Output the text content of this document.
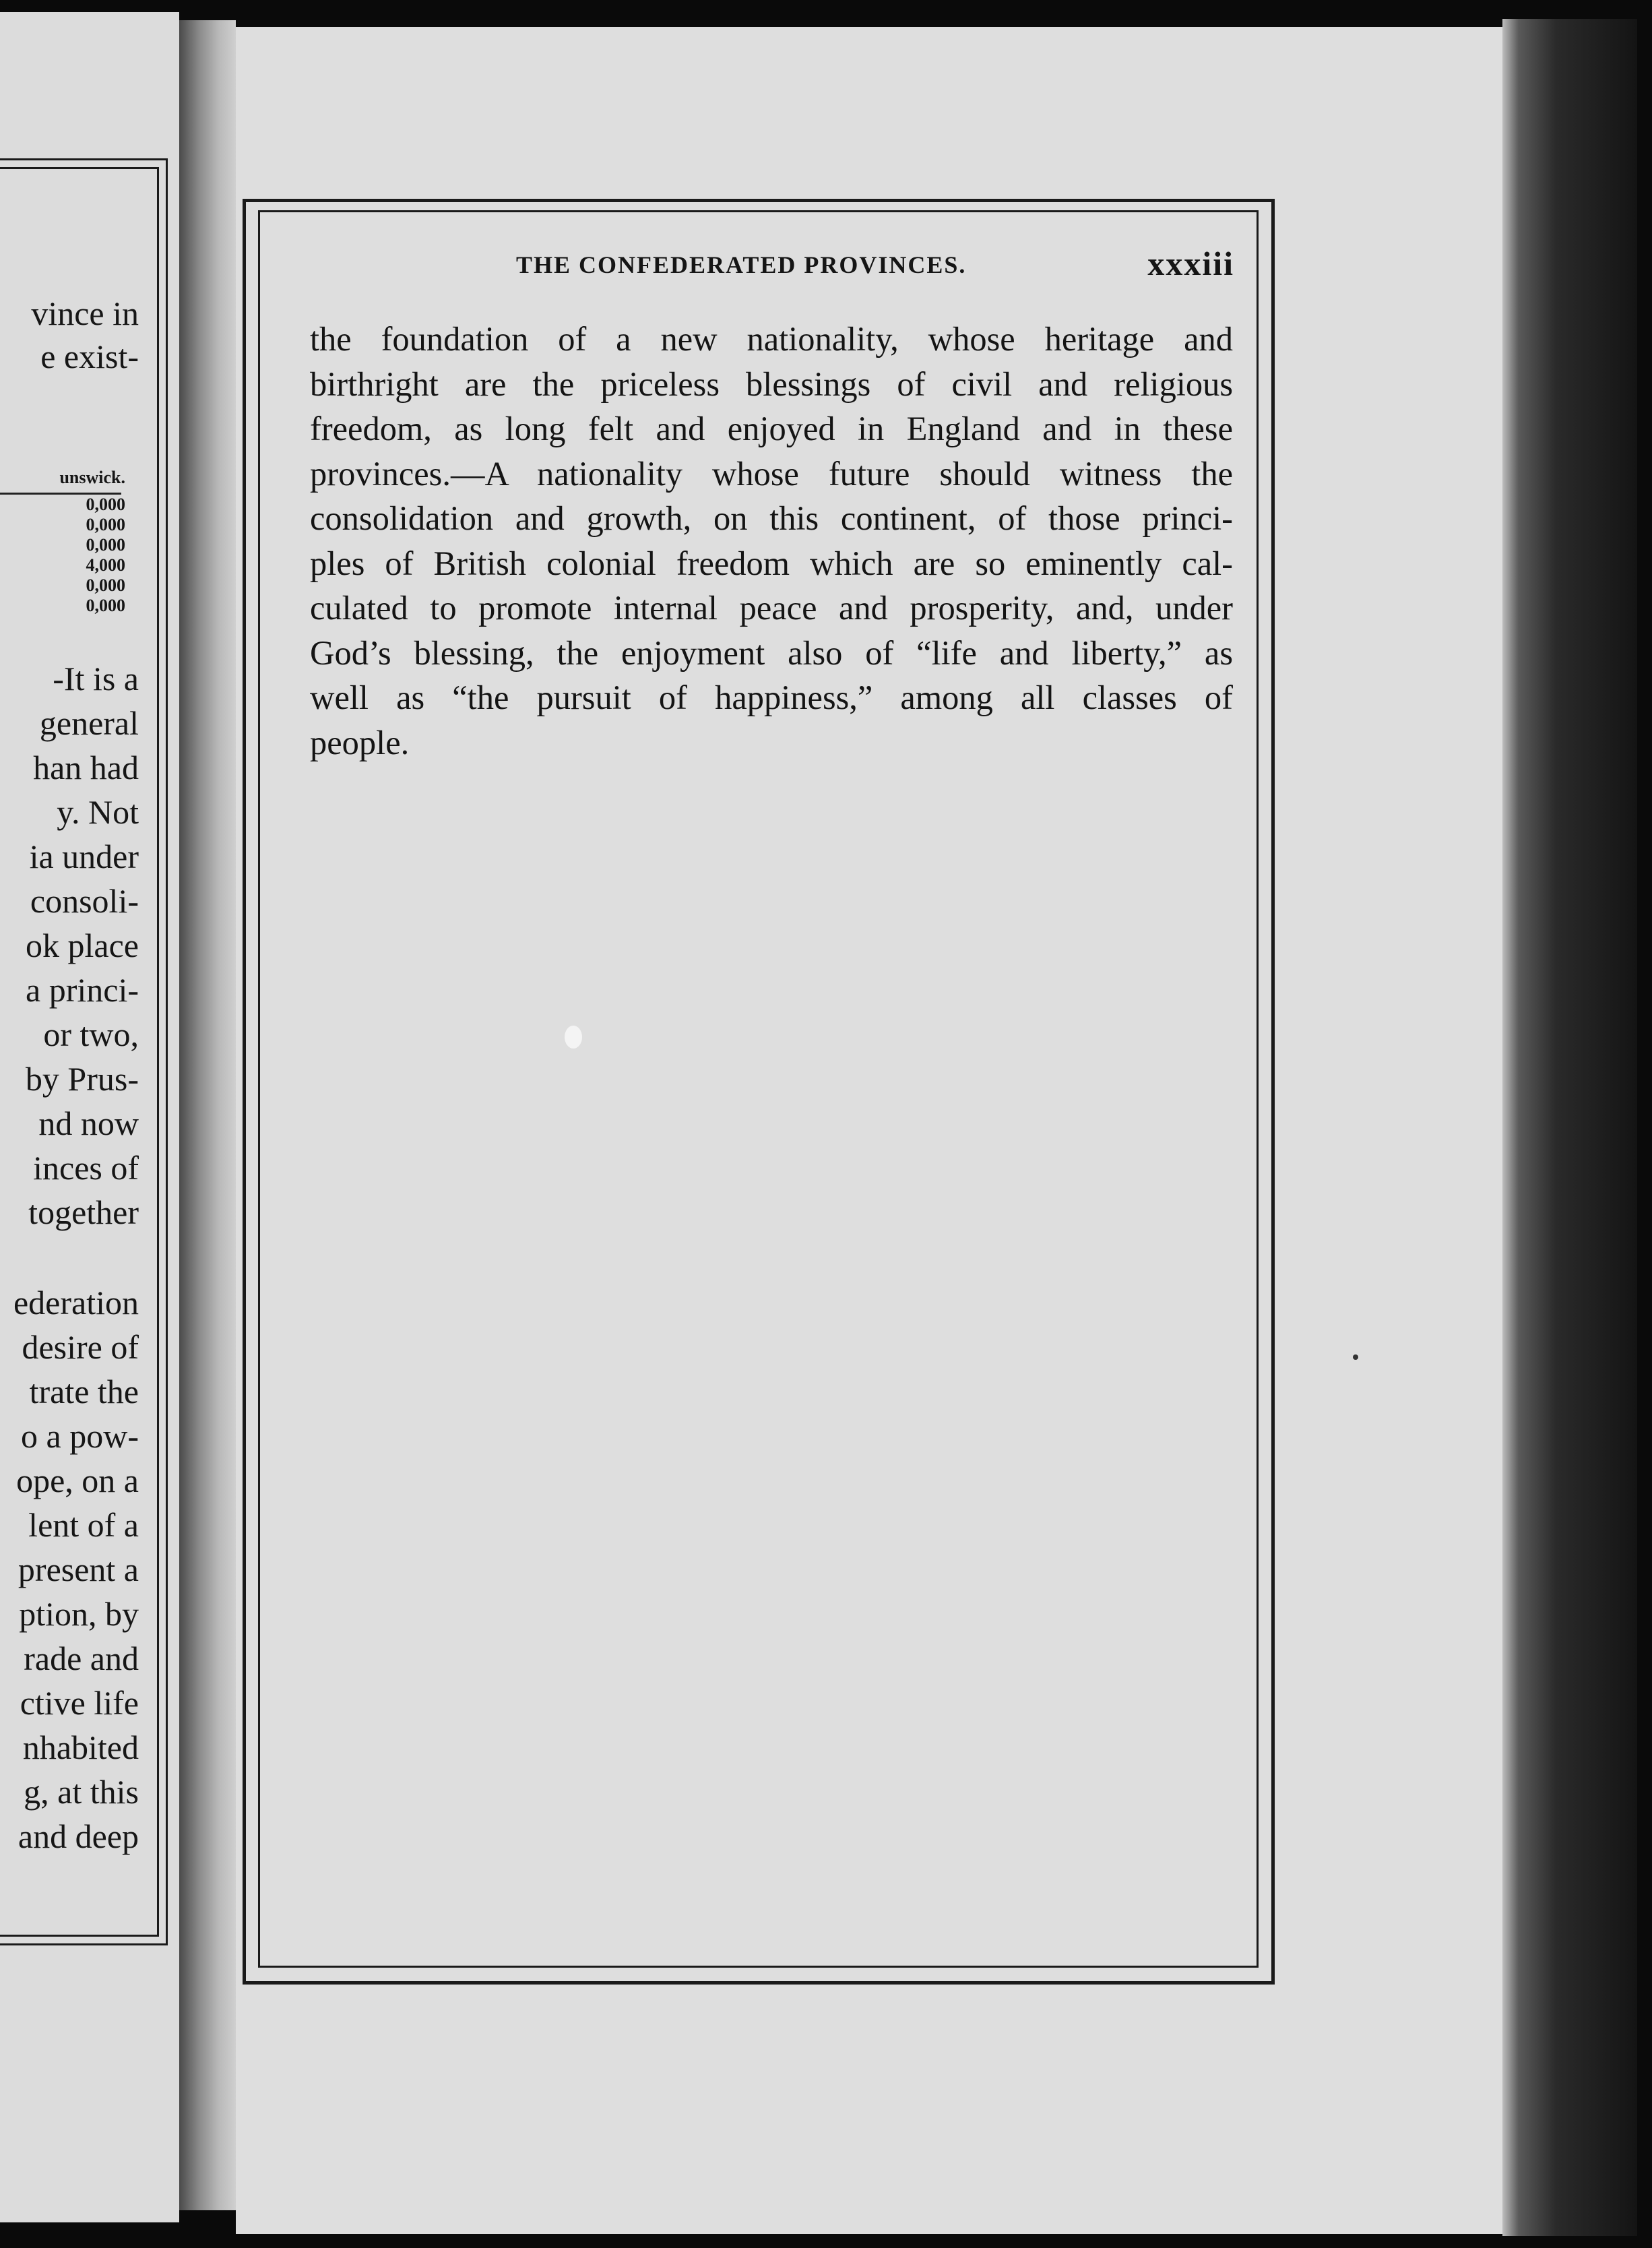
vince in
e exist-
unswick.
0,000
0,000
0,000
4,000
0,000
0,000
-It is a
general
han had
y. Not
ia under
consoli-
ok place
a princi-
or two,
by Prus-
nd now
inces of
together
ederation
desire of
trate the
o a pow-
ope, on a
lent of a
present a
ption, by
rade and
ctive life
nhabited
g, at this
and deep
THE CONFEDERATED PROVINCES.	xxxiii

the foundation of a new nationality, whose heritage and
birthright are the priceless blessings of civil and religious
freedom, as long felt and enjoyed in England and in these
provinces.—A nationality whose future should witness the
consolidation and growth, on this continent, of those princi-
ples of British colonial freedom which are so eminently cal-
culated to promote internal peace and prosperity, and, under
God’s blessing, the enjoyment also of “life and liberty,” as
well as “the pursuit of happiness,” among all classes of
people.
